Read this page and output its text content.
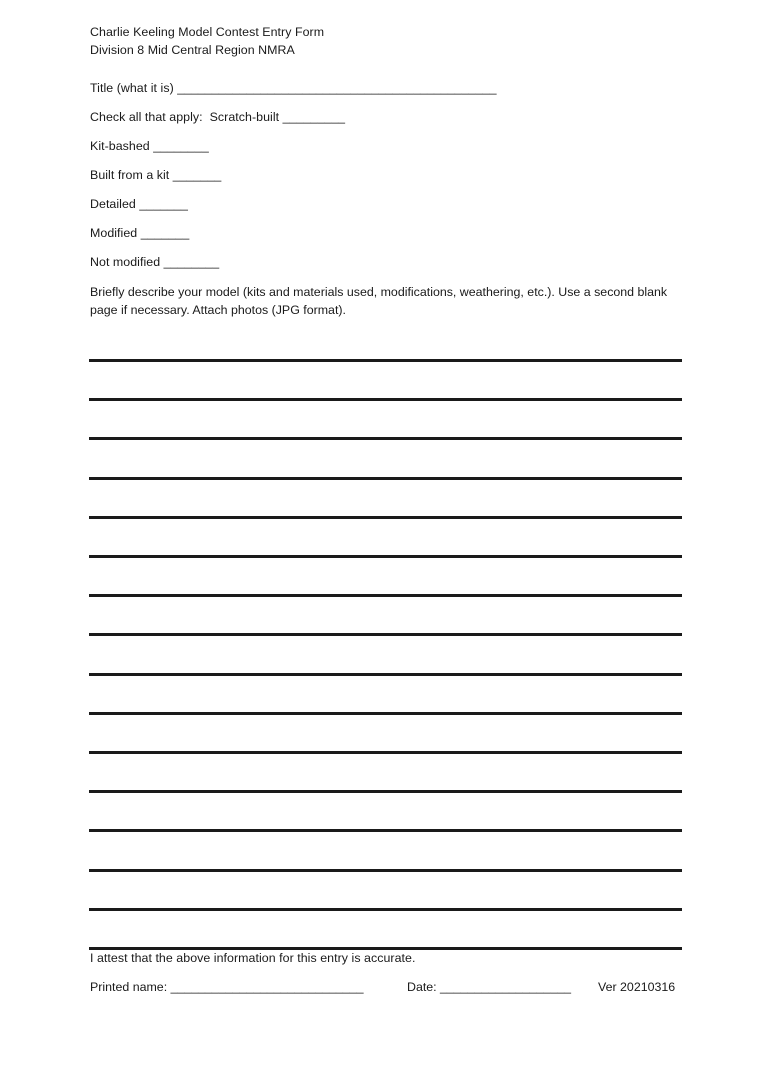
Charlie Keeling Model Contest Entry Form
Division 8 Mid Central Region NMRA
Title (what it is) ______________________________________________
Check all that apply:  Scratch-built _________
Kit-bashed ________
Built from a kit _______
Detailed _______
Modified _______
Not modified ________
Briefly describe your model (kits and materials used, modifications, weathering, etc.). Use a second blank page if necessary. Attach photos (JPG format).
I attest that the above information for this entry is accurate.

Printed name: ____________________________

	Date: ___________________

Ver 20210316
